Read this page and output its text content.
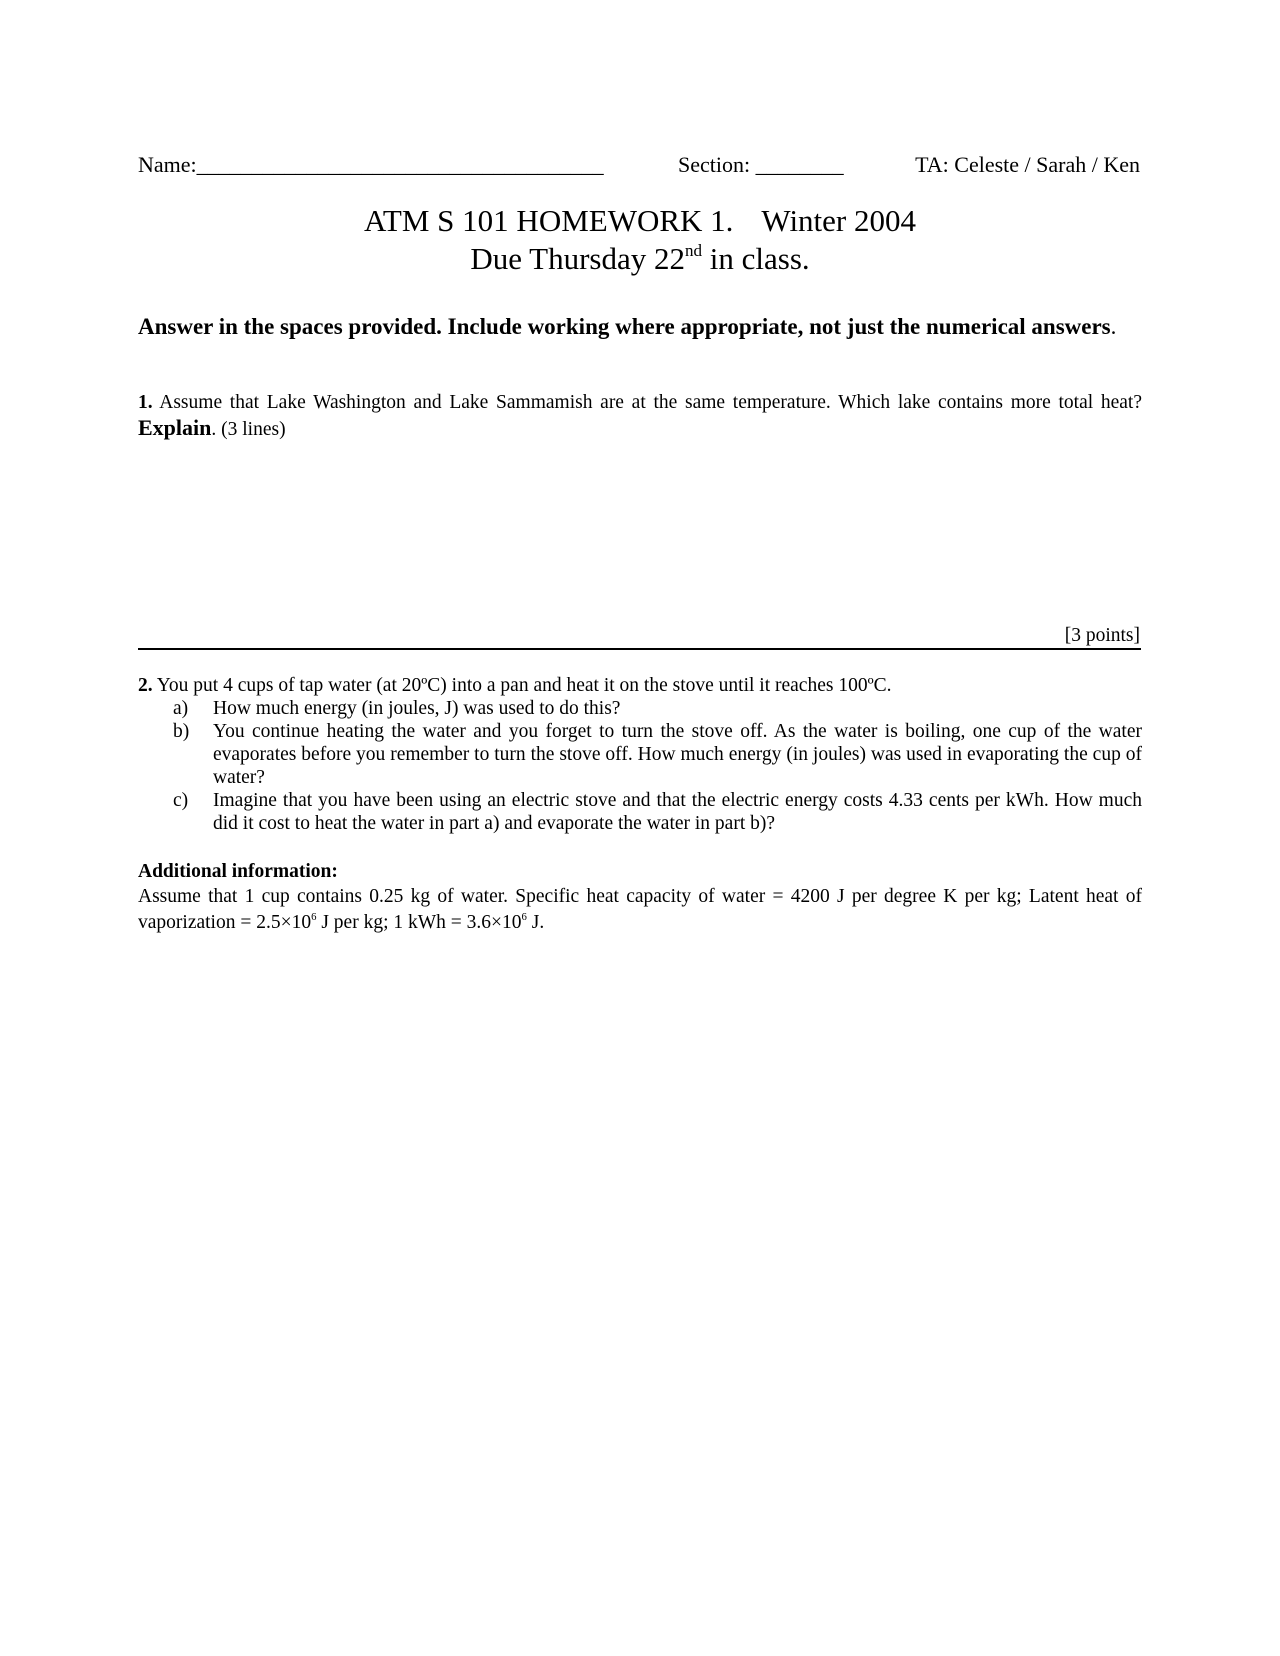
Name:_____________________________________	Section: ________	TA: Celeste / Sarah / Ken
ATM S 101 HOMEWORK 1. Winter 2004
Due Thursday 22nd in class.
Answer in the spaces provided. Include working where appropriate, not just the numerical answers.
1. Assume that Lake Washington and Lake Sammamish are at the same temperature. Which lake contains more total heat? Explain. (3 lines)
[3 points]
2. You put 4 cups of tap water (at 20ºC) into a pan and heat it on the stove until it reaches 100ºC.
a) How much energy (in joules, J) was used to do this?
b) You continue heating the water and you forget to turn the stove off. As the water is boiling, one cup of the water evaporates before you remember to turn the stove off. How much energy (in joules) was used in evaporating the cup of water?
c) Imagine that you have been using an electric stove and that the electric energy costs 4.33 cents per kWh. How much did it cost to heat the water in part a) and evaporate the water in part b)?
Additional information:
Assume that 1 cup contains 0.25 kg of water. Specific heat capacity of water = 4200 J per degree K per kg; Latent heat of vaporization = $2.5\times 10^6$ J per kg; 1 kWh = $3.6\times 10^6$ J.
